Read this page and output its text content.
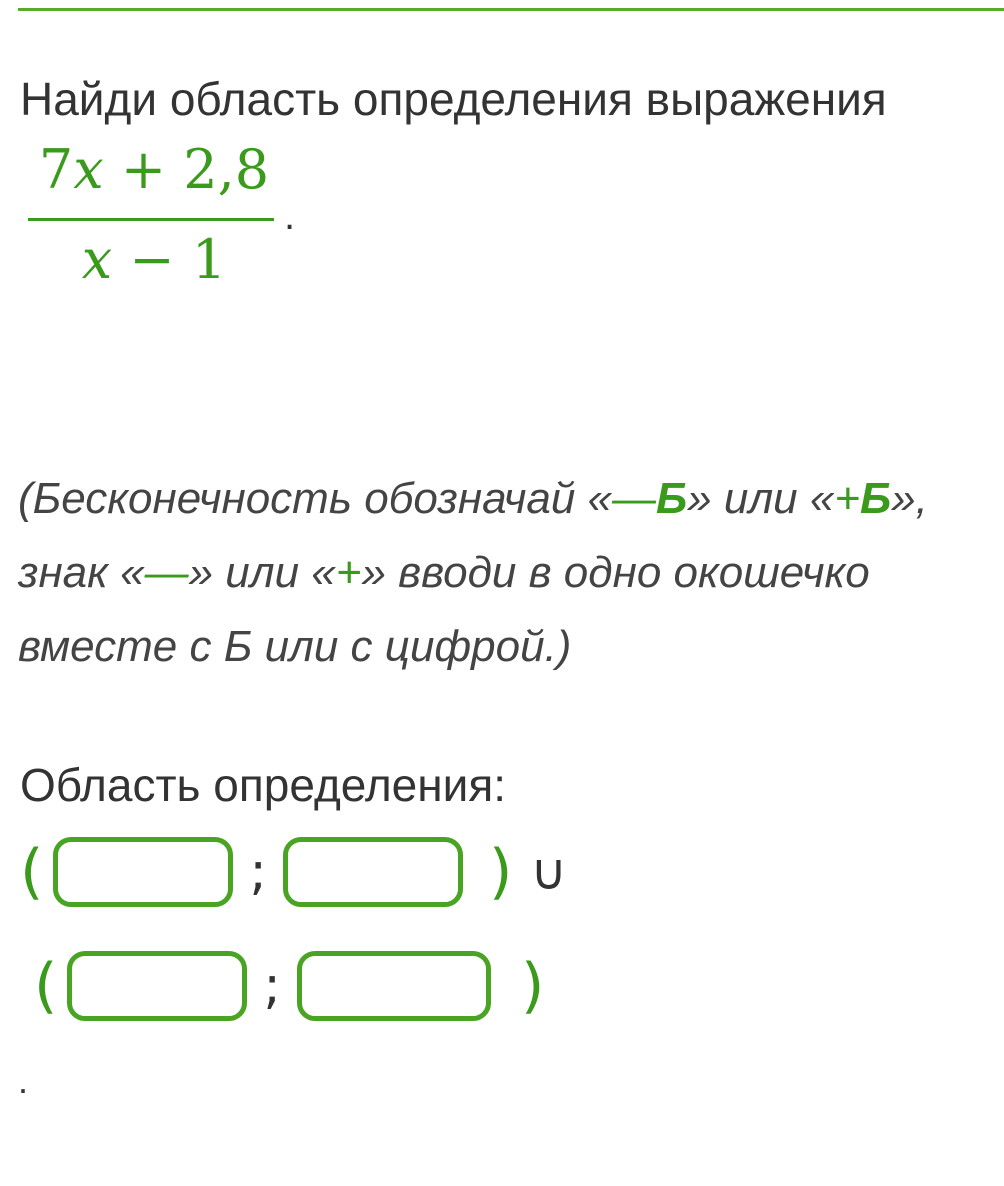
Найди область определения выражения
7x + 2,8
x − 1
.
(Бесконечность обозначай «—Б» или «+Б», знак «—» или «+» вводи в одно окошечко вместе с Б или с цифрой.)
Область определения:
(	;	) ∪
(	;	)
.
